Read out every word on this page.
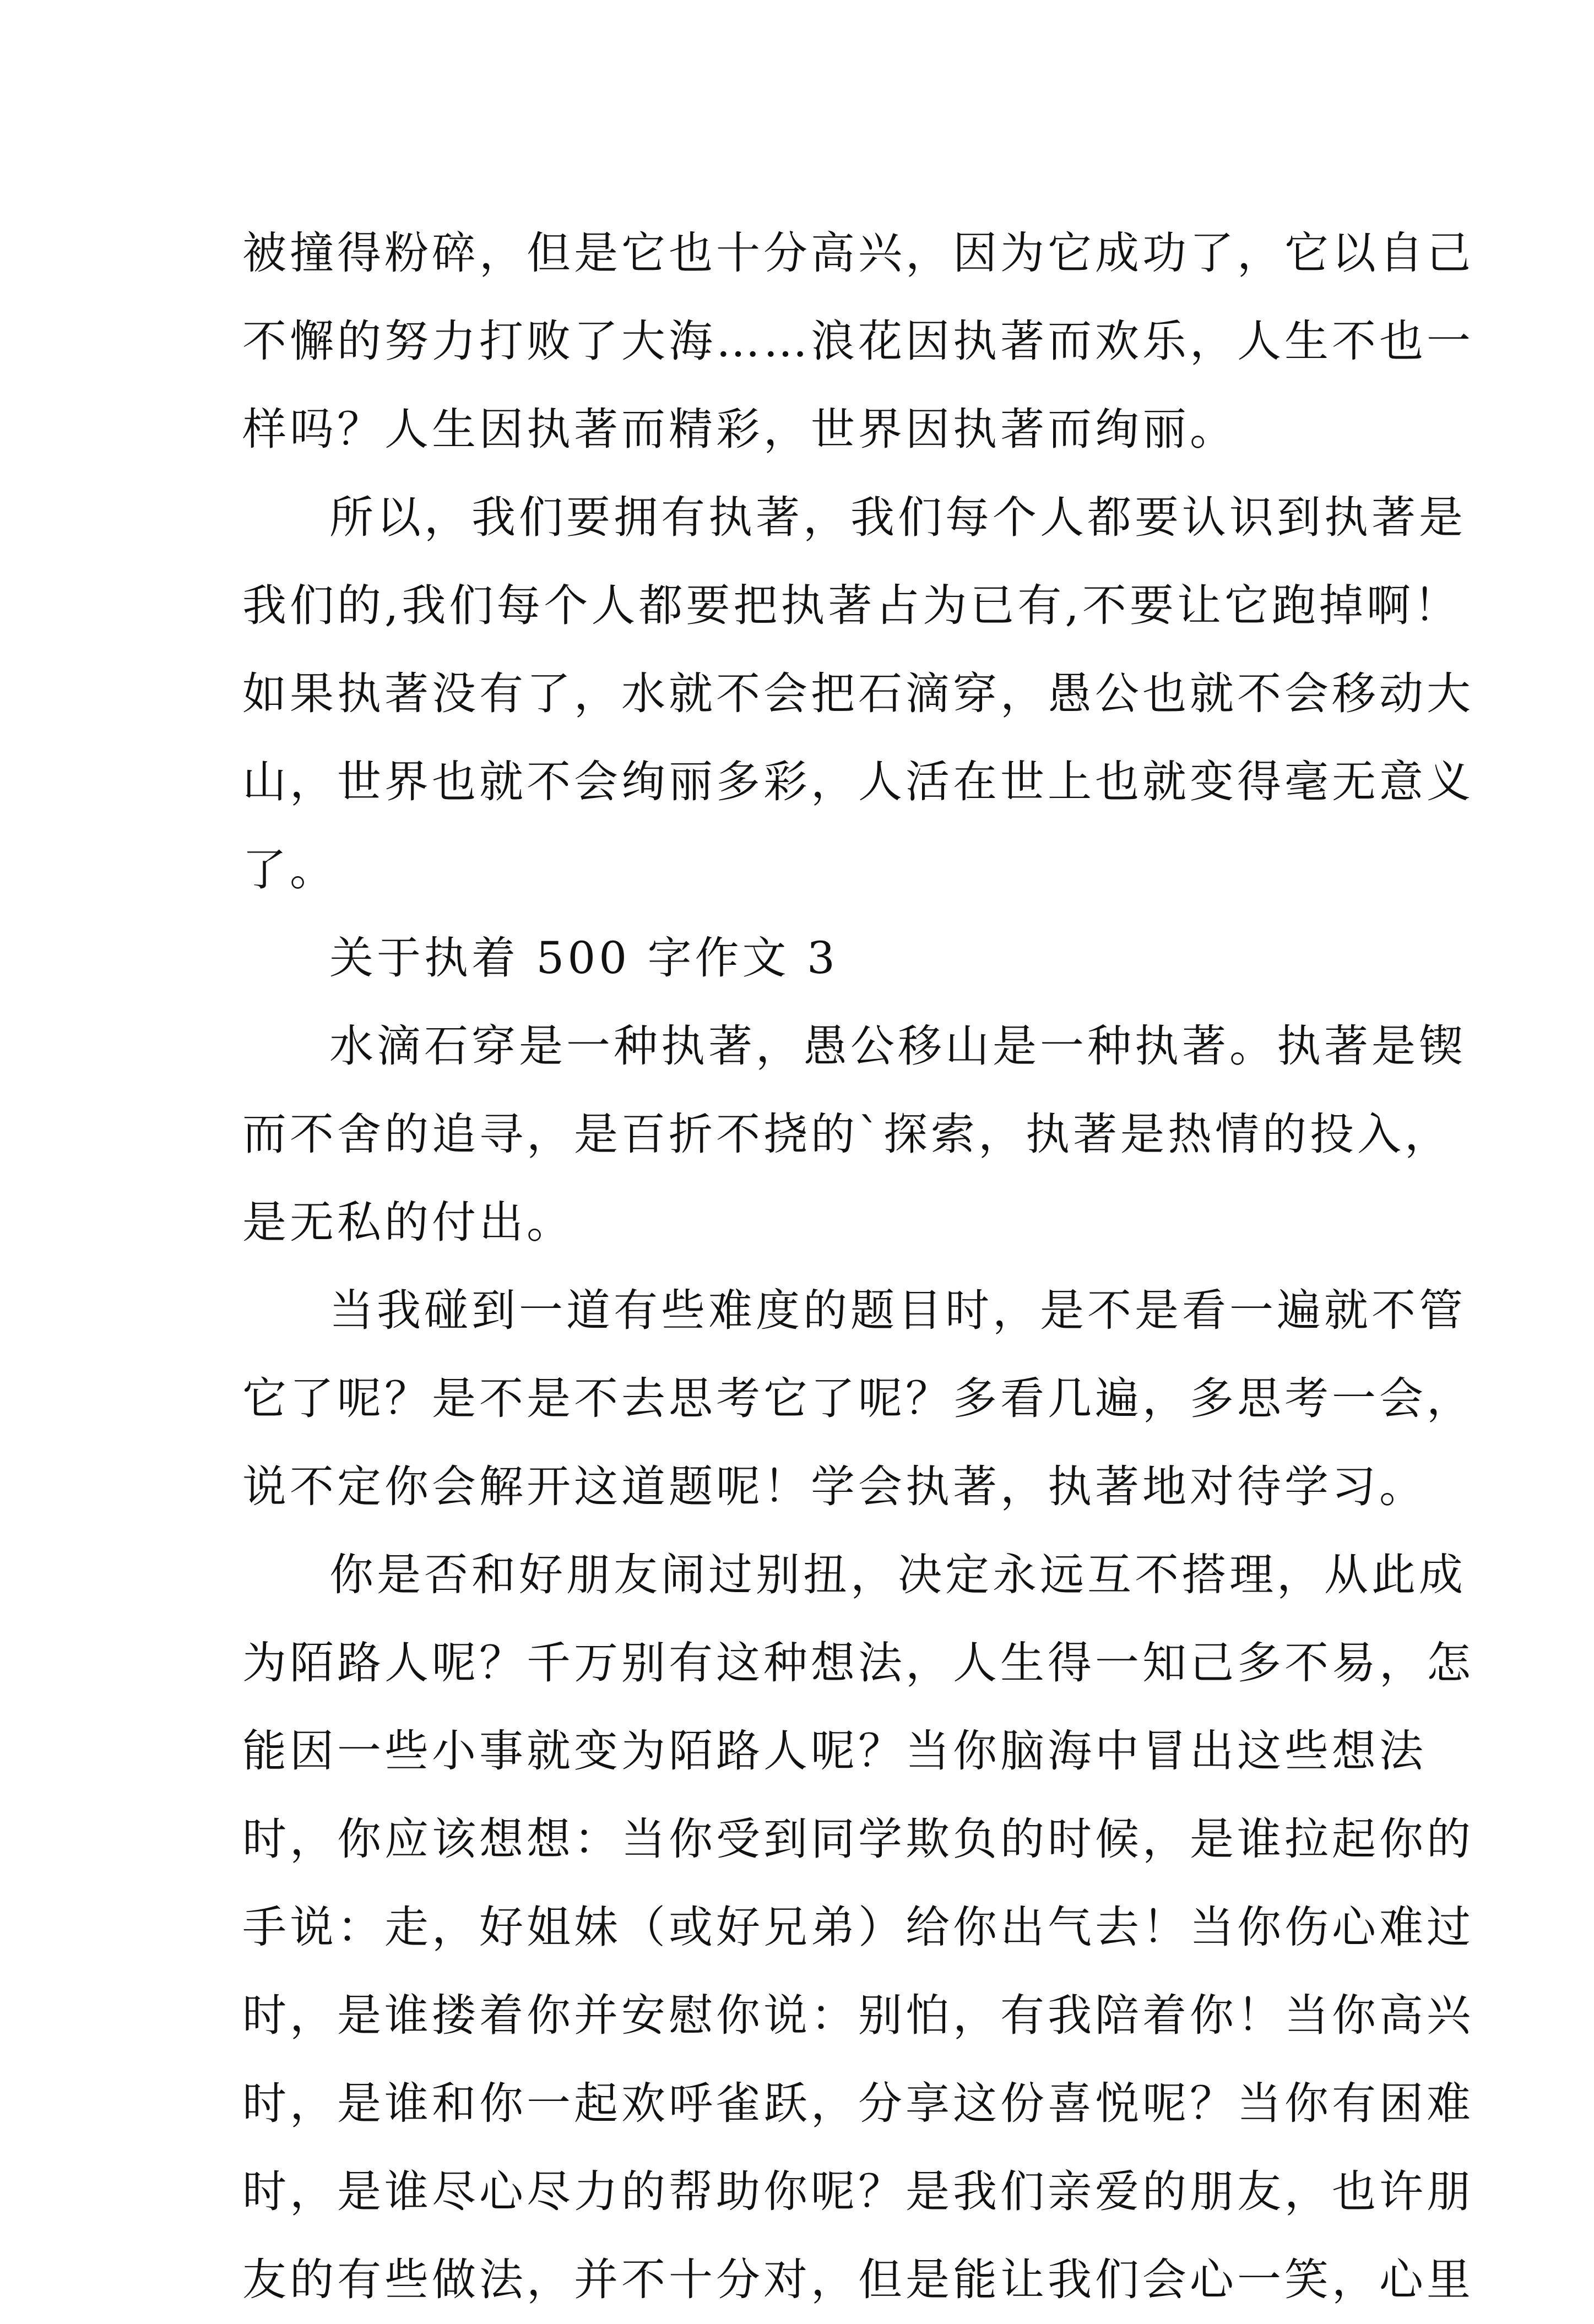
被撞得粉碎，但是它也十分高兴，因为它成功了，它以自己
不懈的努力打败了大海……浪花因执著而欢乐，人生不也一
样吗？人生因执著而精彩，世界因执著而绚丽。
所以，我们要拥有执著，我们每个人都要认识到执著是
我们的,我们每个人都要把执著占为已有,不要让它跑掉啊！
如果执著没有了，水就不会把石滴穿，愚公也就不会移动大
山，世界也就不会绚丽多彩，人活在世上也就变得毫无意义
了。
关于执着 500 字作文 3
水滴石穿是一种执著，愚公移山是一种执著。执著是锲
而不舍的追寻，是百折不挠的`探索，执著是热情的投入，
是无私的付出。
当我碰到一道有些难度的题目时，是不是看一遍就不管
它了呢？是不是不去思考它了呢？多看几遍，多思考一会，
说不定你会解开这道题呢！学会执著，执著地对待学习。
你是否和好朋友闹过别扭，决定永远互不搭理，从此成
为陌路人呢？千万别有这种想法，人生得一知己多不易，怎
能因一些小事就变为陌路人呢？当你脑海中冒出这些想法
时，你应该想想：当你受到同学欺负的时候，是谁拉起你的
手说：走，好姐妹（或好兄弟）给你出气去！当你伤心难过
时，是谁搂着你并安慰你说：别怕，有我陪着你！当你高兴
时，是谁和你一起欢呼雀跃，分享这份喜悦呢？当你有困难
时，是谁尽心尽力的帮助你呢？是我们亲爱的朋友，也许朋
友的有些做法，并不十分对，但是能让我们会心一笑，心里
